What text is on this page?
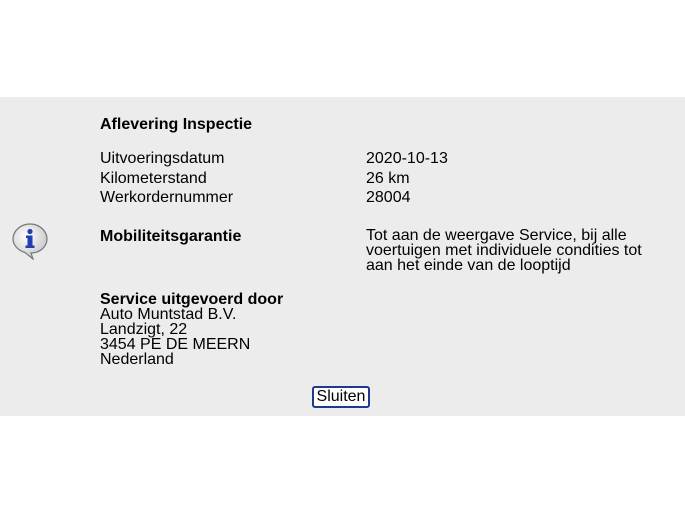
Aflevering Inspectie
Uitvoeringsdatum	2020-10-13
Kilometerstand	26 km
Werkordernummer	28004
Mobiliteitsgarantie	Tot aan de weergave Service, bij alle voertuigen met individuele condities tot aan het einde van de looptijd
Service uitgevoerd door
Auto Muntstad B.V.
Landzigt, 22
3454 PE DE MEERN
Nederland
Sluiten
